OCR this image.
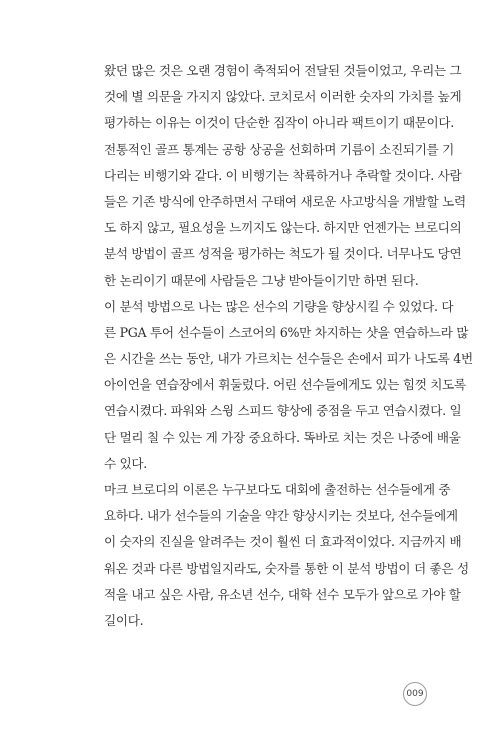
왔던 많은 것은 오랜 경험이 축적되어 전달된 것들이었고, 우리는 그
것에 별 의문을 가지지 않았다. 코치로서 이러한 숫자의 가치를 높게
평가하는 이유는 이것이 단순한 짐작이 아니라 팩트이기 때문이다.
전통적인 골프 통계는 공항 상공을 선회하며 기름이 소진되기를 기
다리는 비행기와 같다. 이 비행기는 착륙하거나 추락할 것이다. 사람
들은 기존 방식에 안주하면서 구태여 새로운 사고방식을 개발할 노력
도 하지 않고, 필요성을 느끼지도 않는다. 하지만 언젠가는 브로디의
분석 방법이 골프 성적을 평가하는 척도가 될 것이다. 너무나도 당연
한 논리이기 때문에 사람들은 그냥 받아들이기만 하면 된다.
이 분석 방법으로 나는 많은 선수의 기량을 향상시킬 수 있었다. 다
른 PGA 투어 선수들이 스코어의 6%만 차지하는 샷을 연습하느라 많
은 시간을 쓰는 동안, 내가 가르치는 선수들은 손에서 피가 나도록 4번
아이언을 연습장에서 휘둘렀다. 어린 선수들에게도 있는 힘껏 치도록
연습시켰다. 파워와 스윙 스피드 향상에 중점을 두고 연습시켰다. 일
단 멀리 칠 수 있는 게 가장 중요하다. 똑바로 치는 것은 나중에 배울
수 있다.
마크 브로디의 이론은 누구보다도 대회에 출전하는 선수들에게 중
요하다. 내가 선수들의 기술을 약간 향상시키는 것보다, 선수들에게
이 숫자의 진실을 알려주는 것이 훨씬 더 효과적이었다. 지금까지 배
워온 것과 다른 방법일지라도, 숫자를 통한 이 분석 방법이 더 좋은 성
적을 내고 싶은 사람, 유소년 선수, 대학 선수 모두가 앞으로 가야 할
길이다.
009
